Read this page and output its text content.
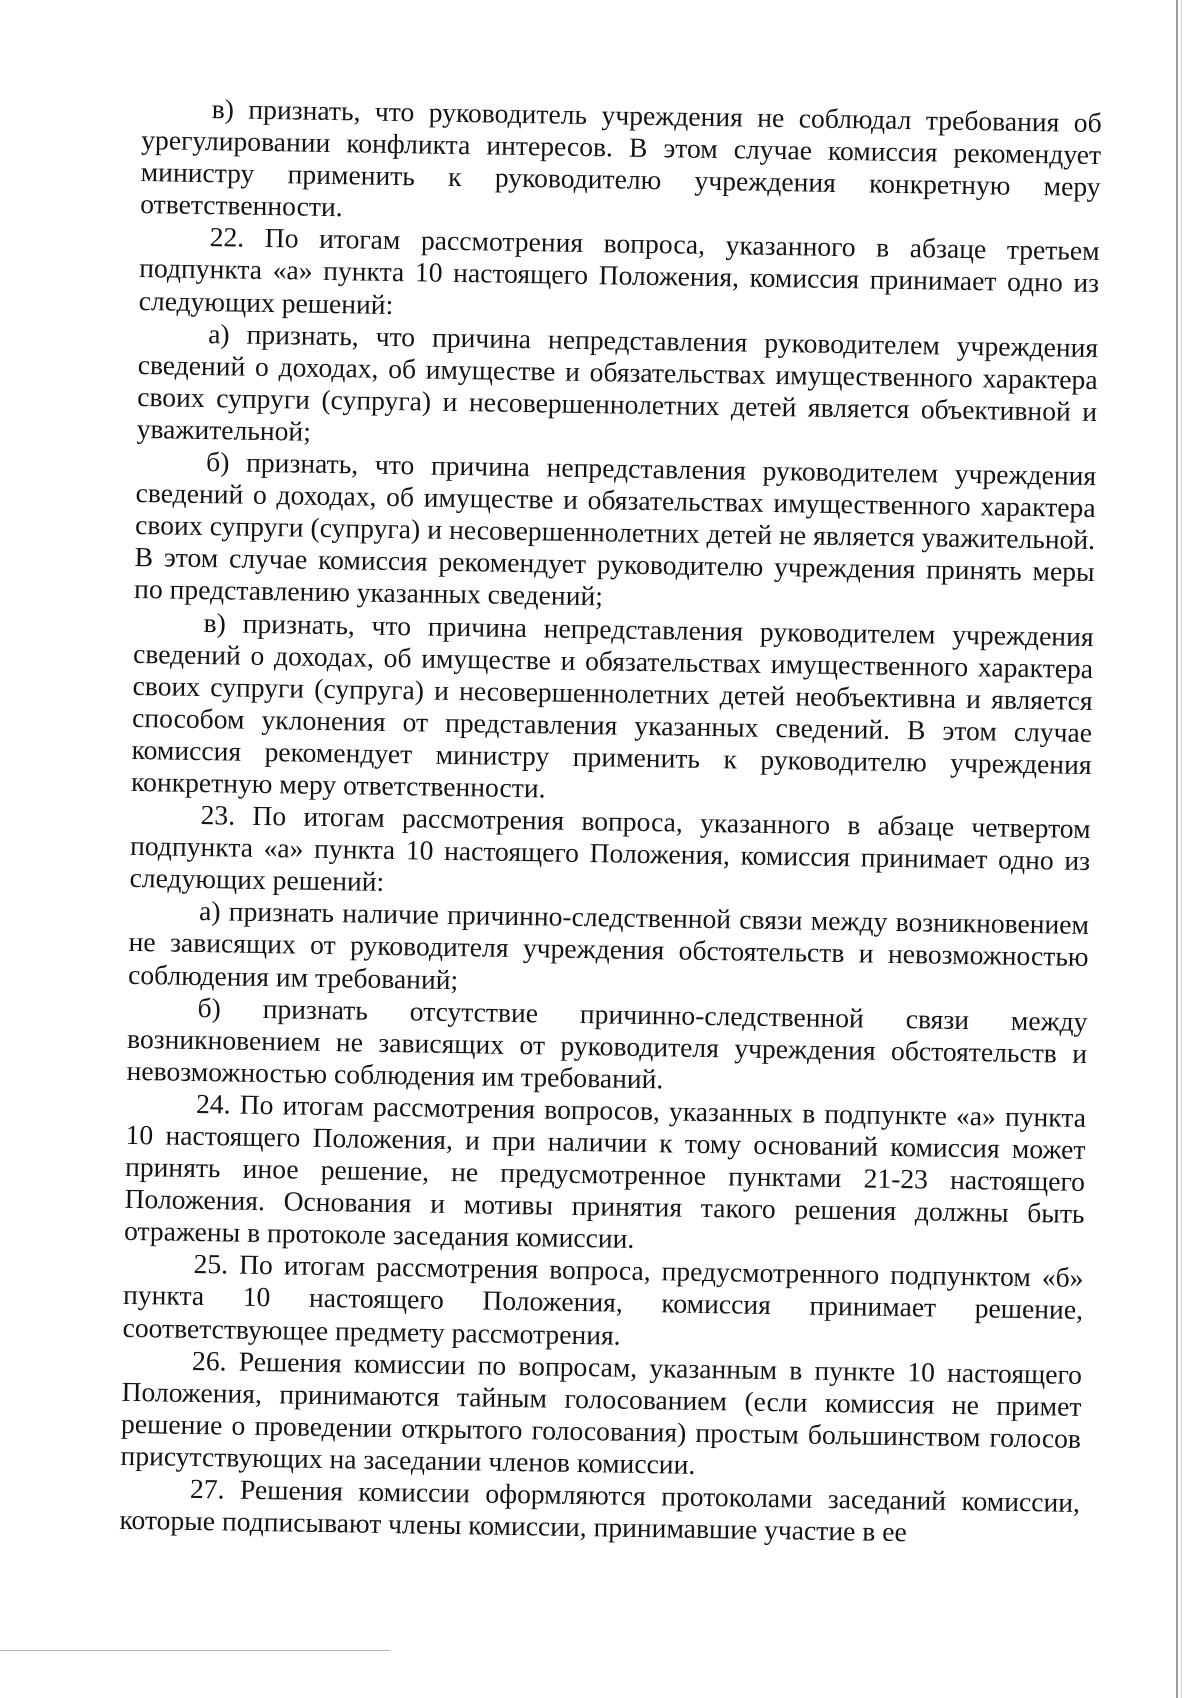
в) признать, что руководитель учреждения не соблюдал требования об урегулировании конфликта интересов. В этом случае комиссия рекомендует министру применить к руководителю учреждения конкретную меру ответственности.

22. По итогам рассмотрения вопроса, указанного в абзаце третьем подпункта «а» пункта 10 настоящего Положения, комиссия принимает одно из следующих решений:

а) признать, что причина непредставления руководителем учреждения сведений о доходах, об имуществе и обязательствах имущественного характера своих супруги (супруга) и несовершеннолетних детей является объективной и уважительной;

б) признать, что причина непредставления руководителем учреждения сведений о доходах, об имуществе и обязательствах имущественного характера своих супруги (супруга) и несовершеннолетних детей не является уважительной. В этом случае комиссия рекомендует руководителю учреждения принять меры по представлению указанных сведений;

в) признать, что причина непредставления руководителем учреждения сведений о доходах, об имуществе и обязательствах имущественного характера своих супруги (супруга) и несовершеннолетних детей необъективна и является способом уклонения от представления указанных сведений. В этом случае комиссия рекомендует министру применить к руководителю учреждения конкретную меру ответственности.

23. По итогам рассмотрения вопроса, указанного в абзаце четвертом подпункта «а» пункта 10 настоящего Положения, комиссия принимает одно из следующих решений:

а) признать наличие причинно-следственной связи между возникновением не зависящих от руководителя учреждения обстоятельств и невозможностью соблюдения им требований;

б) признать отсутствие причинно-следственной связи между возникновением не зависящих от руководителя учреждения обстоятельств и невозможностью соблюдения им требований.

24. По итогам рассмотрения вопросов, указанных в подпункте «а» пункта 10 настоящего Положения, и при наличии к тому оснований комиссия может принять иное решение, не предусмотренное пунктами 21-23 настоящего Положения. Основания и мотивы принятия такого решения должны быть отражены в протоколе заседания комиссии.

25. По итогам рассмотрения вопроса, предусмотренного подпунктом «б» пункта 10 настоящего Положения, комиссия принимает решение, соответствующее предмету рассмотрения.

26. Решения комиссии по вопросам, указанным в пункте 10 настоящего Положения, принимаются тайным голосованием (если комиссия не примет решение о проведении открытого голосования) простым большинством голосов присутствующих на заседании членов комиссии.

27. Решения комиссии оформляются протоколами заседаний комиссии, которые подписывают члены комиссии, принимавшие участие в ее
